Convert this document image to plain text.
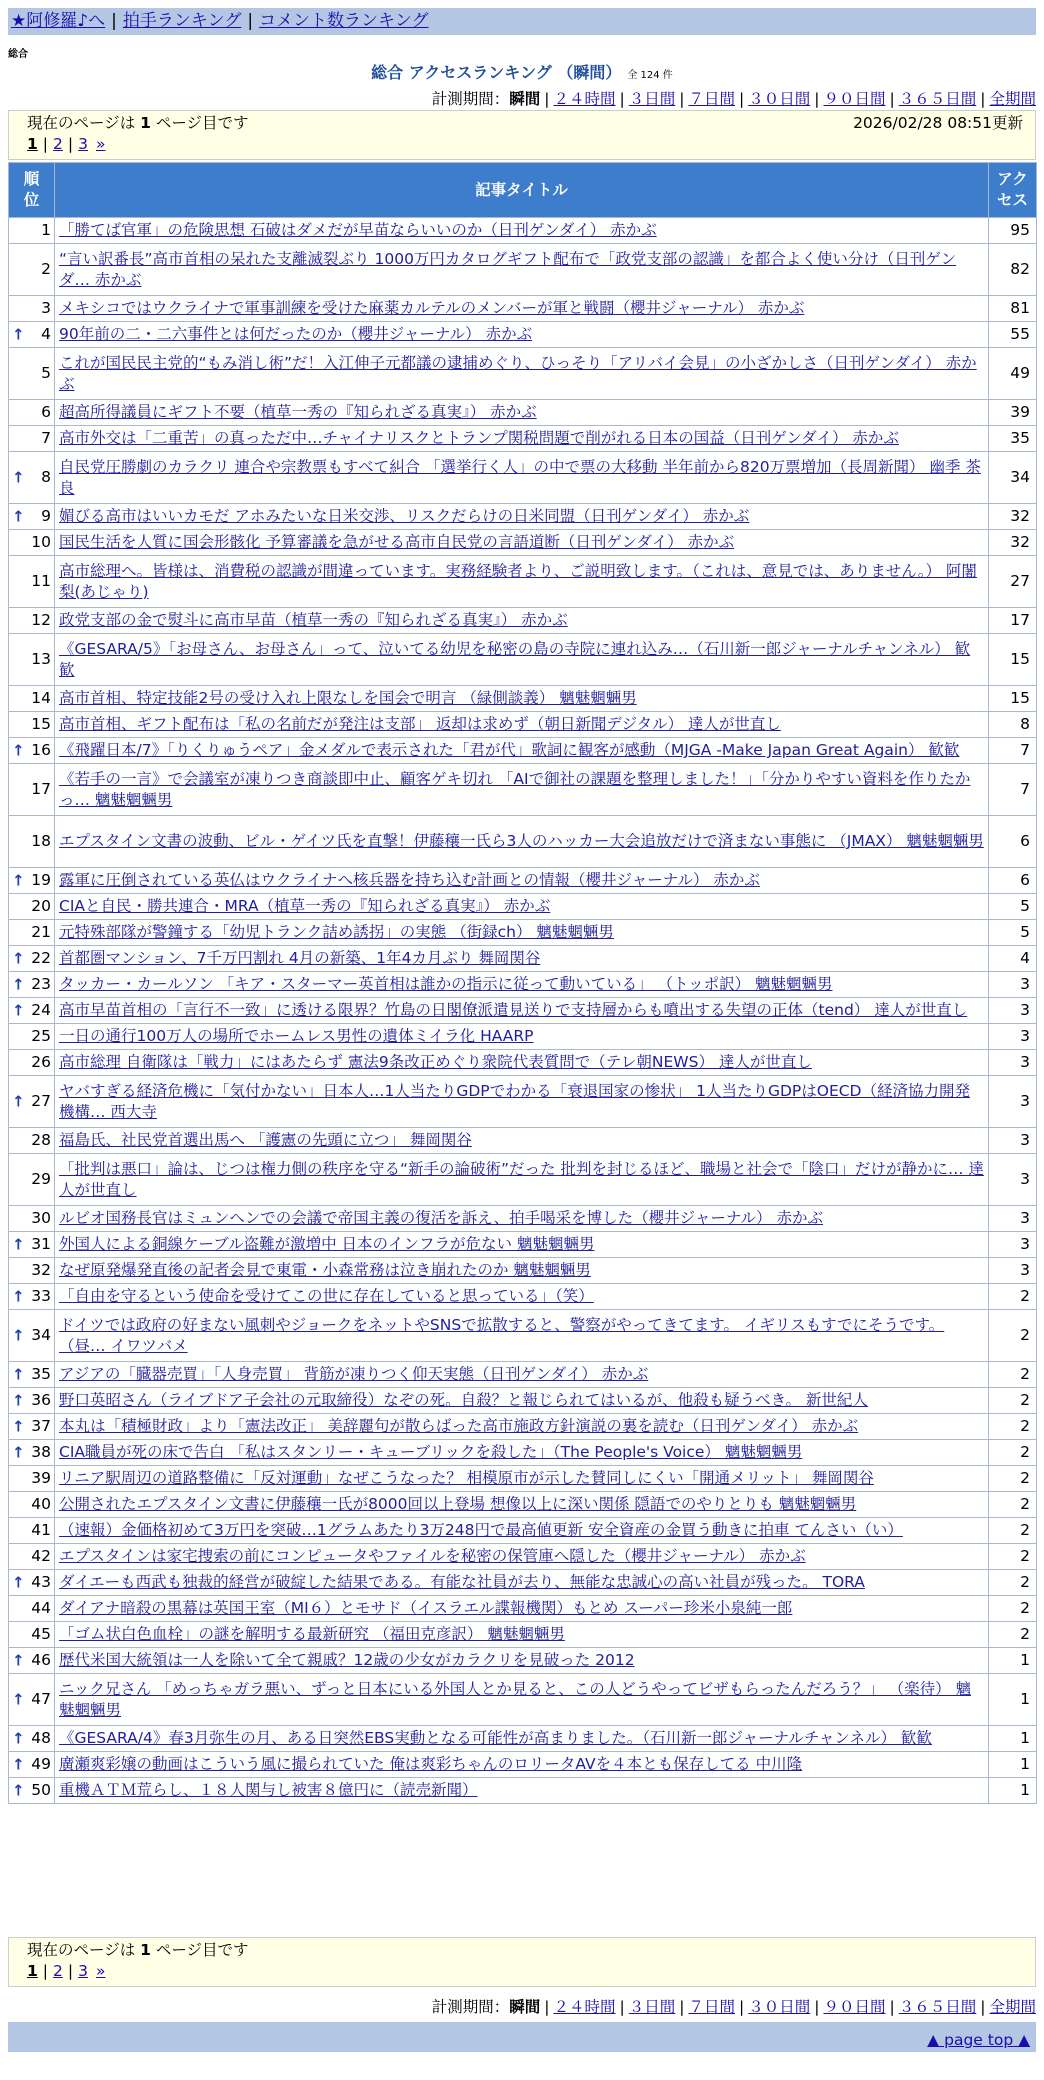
★阿修羅♪へ | 拍手ランキング | コメント数ランキング
総合
総合 アクセスランキング （瞬間） 全 124 件
計測期間：瞬間 | ２４時間 | ３日間 | ７日間 | ３０日間 | ９０日間 | ３６５日間 | 全期間
現在のページは 1 ページ目です	2026/02/28 08:51更新
1 | 2 | 3 »
順位	記事タイトル	アクセス
1	「勝てば官軍」の危険思想 石破はダメだが早苗ならいいのか（日刊ゲンダイ） 赤かぶ	95
2	“言い訳番長”高市首相の呆れた支離滅裂ぶり 1000万円カタログギフト配布で「政党支部の認識」を都合よく使い分け（日刊ゲンダ… 赤かぶ	82
3	メキシコではウクライナで軍事訓練を受けた麻薬カルテルのメンバーが軍と戦闘（櫻井ジャーナル） 赤かぶ	81

↑ 4	90年前の二・二六事件とは何だったのか（櫻井ジャーナル） 赤かぶ	55
5	これが国民民主党的“もみ消し術”だ！入江伸子元都議の逮捕めぐり、ひっそり「アリバイ会見」の小ざかしさ（日刊ゲンダイ） 赤かぶ	49
6	超高所得議員にギフト不要（植草一秀の『知られざる真実』） 赤かぶ	39
7	高市外交は「二重苦」の真っただ中…チャイナリスクとトランプ関税問題で削がれる日本の国益（日刊ゲンダイ） 赤かぶ	35

↑ 8	自民党圧勝劇のカラクリ 連合や宗教票もすべて糾合 「選挙行く人」の中で票の大移動 半年前から820万票増加（長周新聞） 幽季 茶良	34

↑ 9	媚びる高市はいいカモだ アホみたいな日米交渉、リスクだらけの日米同盟（日刊ゲンダイ） 赤かぶ	32
10	国民生活を人質に国会形骸化 予算審議を急がせる高市自民党の言語道断（日刊ゲンダイ） 赤かぶ	32
11	高市総理へ。皆様は、消費税の認識が間違っています。実務経験者より、ご説明致します。（これは、意見では、ありません。） 阿闍梨(あじゃり)	27
12	政党支部の金で熨斗に高市早苗（植草一秀の『知られざる真実』） 赤かぶ	17
13	《GESARA/5》「お母さん、お母さん」って、泣いてる幼児を秘密の島の寺院に連れ込み…（石川新一郎ジャーナルチャンネル） 歓歓	15
14	高市首相、特定技能2号の受け入れ上限なしを国会で明言 （緑側談義） 魑魅魍魎男	15
15	高市首相、ギフト配布は「私の名前だが発注は支部」 返却は求めず（朝日新聞デジタル） 達人が世直し	8

↑ 16	《飛躍日本/7》「りくりゅうペア」金メダルで表示された「君が代」歌詞に観客が感動（MJGA -Make Japan Great Again） 歓歓	7
17	《若手の一言》で会議室が凍りつき商談即中止、顧客ゲキ切れ 「AIで御社の課題を整理しました！」「分かりやすい資料を作りたかっ… 魑魅魍魎男	7
18	エプスタイン文書の波動、ビル・ゲイツ氏を直撃！伊藤穰一氏ら3人のハッカー大会追放だけで済まない事態に （JMAX） 魑魅魍魎男	6

↑ 19	露軍に圧倒されている英仏はウクライナへ核兵器を持ち込む計画との情報（櫻井ジャーナル） 赤かぶ	6
20	CIAと自民・勝共連合・MRA（植草一秀の『知られざる真実』） 赤かぶ	5
21	元特殊部隊が警鐘する「幼児トランク詰め誘拐」の実態 （街録ch） 魑魅魍魎男	5

↑ 22	首都圏マンション、7千万円割れ 4月の新築、1年4カ月ぶり 舞岡関谷	4

↑ 23	タッカー・カールソン 「キア・スターマー英首相は誰かの指示に従って動いている」 （トッポ訳） 魑魅魍魎男	3

↑ 24	高市早苗首相の「言行不一致」に透ける限界？竹島の日閣僚派遣見送りで支持層からも噴出する失望の正体（tend） 達人が世直し	3
25	一日の通行100万人の場所でホームレス男性の遺体ミイラ化 HAARP	3
26	高市総理 自衛隊は「戦力」にはあたらず 憲法9条改正めぐり衆院代表質問で（テレ朝NEWS） 達人が世直し	3

↑ 27	ヤバすぎる経済危機に「気付かない」日本人…1人当たりGDPでわかる「衰退国家の惨状」 1人当たりGDPはOECD（経済協力開発機構… 西大寺	3
28	福島氏、社民党首選出馬へ 「護憲の先頭に立つ」 舞岡関谷	3
29	「批判は悪口」論は、じつは権力側の秩序を守る“新手の論破術”だった 批判を封じるほど、職場と社会で「陰口」だけが静かに… 達人が世直し	3
30	ルビオ国務長官はミュンヘンでの会議で帝国主義の復活を訴え、拍手喝采を博した（櫻井ジャーナル） 赤かぶ	3

↑ 31	外国人による銅線ケーブル盗難が激増中 日本のインフラが危ない 魑魅魍魎男	3
32	なぜ原発爆発直後の記者会見で東電・小森常務は泣き崩れたのか 魑魅魍魎男	3

↑ 33	「自由を守るという使命を受けてこの世に存在していると思っている」（笑）	2

↑ 34	ドイツでは政府の好まない風刺やジョークをネットやSNSで拡散すると、警察がやってきてます。 イギリスもすでにそうです。 （昼… イワツバメ	2

↑ 35	アジアの「臓器売買」「人身売買」 背筋が凍りつく仰天実態（日刊ゲンダイ） 赤かぶ	2

↑ 36	野口英昭さん（ライブドア子会社の元取締役）なぞの死。自殺？と報じられてはいるが、他殺も疑うべき。 新世紀人	2

↑ 37	本丸は「積極財政」より「憲法改正」 美辞麗句が散らばった高市施政方針演説の裏を読む（日刊ゲンダイ） 赤かぶ	2

↑ 38	CIA職員が死の床で告白 「私はスタンリー・キューブリックを殺した」（The People's Voice） 魑魅魍魎男	2
39	リニア駅周辺の道路整備に「反対運動」なぜこうなった？ 相模原市が示した賛同しにくい「開通メリット」 舞岡関谷	2
40	公開されたエプスタイン文書に伊藤穰一氏が8000回以上登場 想像以上に深い関係 隠語でのやりとりも 魑魅魍魎男	2
41	（速報）金価格初めて3万円を突破…1グラムあたり3万248円で最高値更新 安全資産の金買う動きに拍車 てんさい（い）	2
42	エプスタインは家宅捜索の前にコンピュータやファイルを秘密の保管庫へ隠した（櫻井ジャーナル） 赤かぶ	2

↑ 43	ダイエーも西武も独裁的経営が破綻した結果である。有能な社員が去り、無能な忠誠心の高い社員が残った。 TORA	2
44	ダイアナ暗殺の黒幕は英国王室（MI６）とモサド（イスラエル諜報機関）もとめ スーパー珍米小泉純一郎	2
45	「ゴム状白色血栓」の謎を解明する最新研究 （福田克彦訳） 魑魅魍魎男	2

↑ 46	歴代米国大統領は一人を除いて全て親戚？12歳の少女がカラクリを見破った 2012	1

↑ 47	ニック兄さん 「めっちゃガラ悪い、ずっと日本にいる外国人とか見ると、この人どうやってビザもらったんだろう？」 （楽待） 魑魅魍魎男	1

↑ 48	《GESARA/4》春3月弥生の月、ある日突然EBS実動となる可能性が高まりました。（石川新一郎ジャーナルチャンネル） 歓歓	1

↑ 49	廣瀬爽彩嬢の動画はこういう風に撮られていた 俺は爽彩ちゃんのロリータAVを４本とも保存してる 中川隆	1

↑ 50	重機ＡＴＭ荒らし、１８人関与し被害８億円に（読売新聞）	1
現在のページは 1 ページ目です
1 | 2 | 3 »
計測期間：瞬間 | ２４時間 | ３日間 | ７日間 | ３０日間 | ９０日間 | ３６５日間 | 全期間
▲ page top ▲
